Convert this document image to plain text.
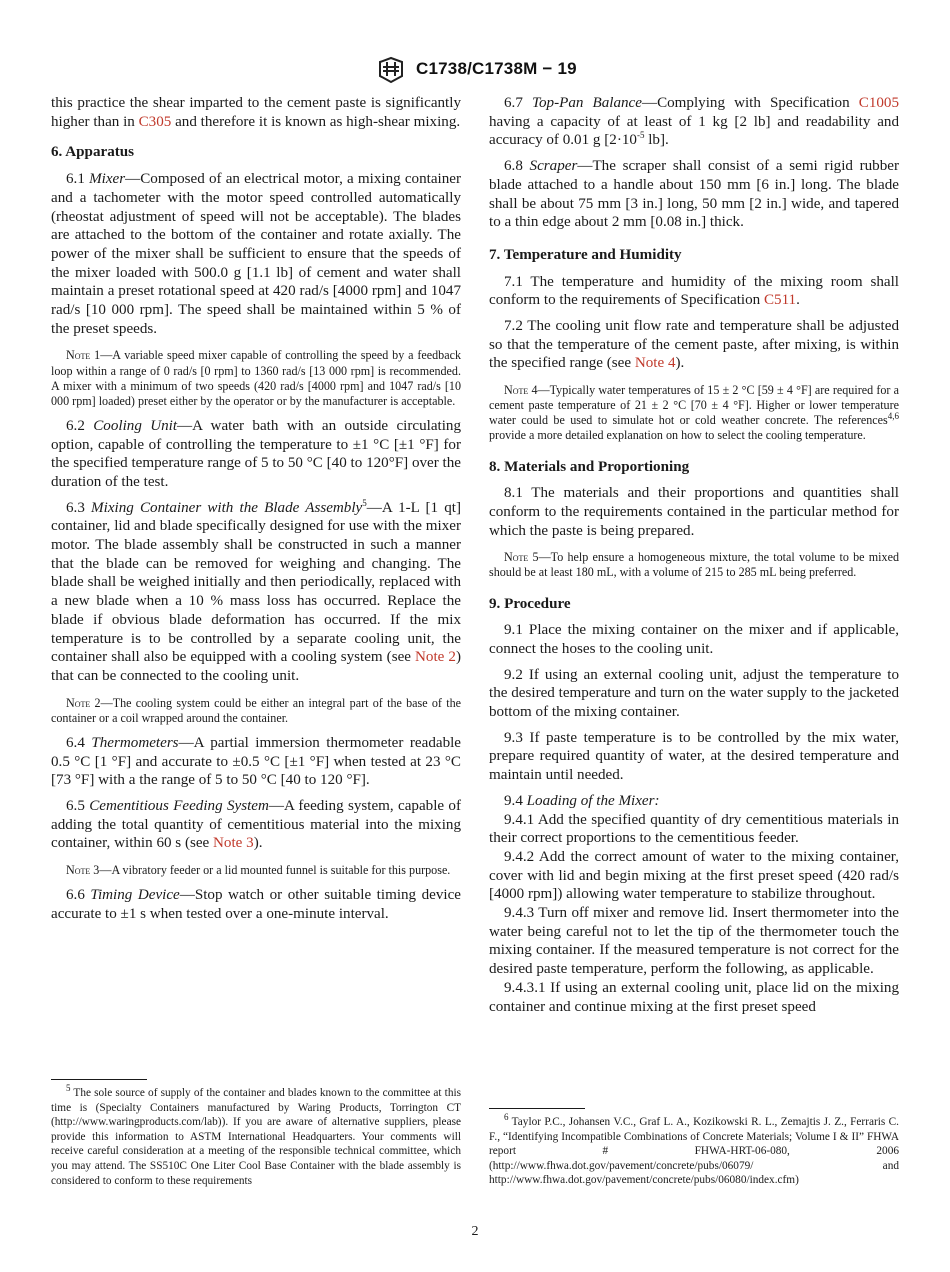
C1738/C1738M − 19

this practice the shear imparted to the cement paste is significantly higher than in C305 and therefore it is known as high-shear mixing.

6. Apparatus

6.1 Mixer—Composed of an electrical motor, a mixing container and a tachometer with the motor speed controlled automatically (rheostat adjustment of speed will not be acceptable). The blades are attached to the bottom of the container and rotate axially. The power of the mixer shall be sufficient to ensure that the speeds of the mixer loaded with 500.0 g [1.1 lb] of cement and water shall maintain a preset rotational speed at 420 rad/s [4000 rpm] and 1047 rad/s [10 000 rpm]. The speed shall be maintained within 5 % of the preset speeds.

Note 1—A variable speed mixer capable of controlling the speed by a feedback loop within a range of 0 rad/s [0 rpm] to 1360 rad/s [13 000 rpm] is recommended. A mixer with a minimum of two speeds (420 rad/s [4000 rpm] and 1047 rad/s [10 000 rpm] loaded) preset either by the operator or by the manufacturer is acceptable.

6.2 Cooling Unit—A water bath with an outside circulating option, capable of controlling the temperature to ±1 °C [±1 °F] for the specified temperature range of 5 to 50 °C [40 to 120°F] over the duration of the test.

6.3 Mixing Container with the Blade Assembly$^5$—A 1-L [1 qt] container, lid and blade specifically designed for use with the mixer motor. The blade assembly shall be constructed in such a manner that the blade can be removed for weighing and changing. The blade shall be weighed initially and then periodically, replaced with a new blade when a 10 % mass loss has occurred. Replace the blade if obvious blade deformation has occurred. If the mix temperature is to be controlled by a separate cooling unit, the container shall also be equipped with a cooling system (see Note 2) that can be connected to the cooling unit.

Note 2—The cooling system could be either an integral part of the base of the container or a coil wrapped around the container.

6.4 Thermometers—A partial immersion thermometer readable 0.5 °C [1 °F] and accurate to ±0.5 °C [±1 °F] when tested at 23 °C [73 °F] with a the range of 5 to 50 °C [40 to 120 °F].

6.5 Cementitious Feeding System—A feeding system, capable of adding the total quantity of cementitious material into the mixing container, within 60 s (see Note 3).

Note 3—A vibratory feeder or a lid mounted funnel is suitable for this purpose.

6.6 Timing Device—Stop watch or other suitable timing device accurate to ±1 s when tested over a one-minute interval.

$^5$ The sole source of supply of the container and blades known to the committee at this time is (Specialty Containers manufactured by Waring Products, Torrington CT (http://www.waringproducts.com/lab)). If you are aware of alternative suppliers, please provide this information to ASTM International Headquarters. Your comments will receive careful consideration at a meeting of the responsible technical committee, which you may attend. The SS510C One Liter Cool Base Container with the blade assembly is considered to conform to these requirements

6.7 Top-Pan Balance—Complying with Specification C1005 having a capacity of at least of 1 kg [2 lb] and readability and accuracy of 0.01 g [$2\cdot 10^{-5}$ lb].

6.8 Scraper—The scraper shall consist of a semi rigid rubber blade attached to a handle about 150 mm [6 in.] long. The blade shall be about 75 mm [3 in.] long, 50 mm [2 in.] wide, and tapered to a thin edge about 2 mm [0.08 in.] thick.

7. Temperature and Humidity

7.1 The temperature and humidity of the mixing room shall conform to the requirements of Specification C511.

7.2 The cooling unit flow rate and temperature shall be adjusted so that the temperature of the cement paste, after mixing, is within the specified range (see Note 4).

Note 4—Typically water temperatures of 15 ± 2 °C [59 ± 4 °F] are required for a cement paste temperature of 21 ± 2 °C [70 ± 4 °F]. Higher or lower temperature water could be used to simulate hot or cold weather concrete. The references$^{4,6}$ provide a more detailed explanation on how to select the cooling temperature.

8. Materials and Proportioning

8.1 The materials and their proportions and quantities shall conform to the requirements contained in the particular method for which the paste is being prepared.

Note 5—To help ensure a homogeneous mixture, the total volume to be mixed should be at least 180 mL, with a volume of 215 to 285 mL being preferred.

9. Procedure

9.1 Place the mixing container on the mixer and if applicable, connect the hoses to the cooling unit.

9.2 If using an external cooling unit, adjust the temperature to the desired temperature and turn on the water supply to the jacketed bottom of the mixing container.

9.3 If paste temperature is to be controlled by the mix water, prepare required quantity of water, at the desired temperature and maintain until needed.

9.4 Loading of the Mixer:

9.4.1 Add the specified quantity of dry cementitious materials in their correct proportions to the cementitious feeder.

9.4.2 Add the correct amount of water to the mixing container, cover with lid and begin mixing at the first preset speed (420 rad/s [4000 rpm]) allowing water temperature to stabilize throughout.

9.4.3 Turn off mixer and remove lid. Insert thermometer into the water being careful not to let the tip of the thermometer touch the mixing container. If the measured temperature is not correct for the desired paste temperature, perform the following, as applicable.

9.4.3.1 If using an external cooling unit, place lid on the mixing container and continue mixing at the first preset speed

$^6$ Taylor P.C., Johansen V.C., Graf L. A., Kozikowski R. L., Zemajtis J. Z., Ferraris C. F., “Identifying Incompatible Combinations of Concrete Materials; Volume I & II” FHWA report # FHWA-HRT-06-080, 2006 (http://www.fhwa.dot.gov/pavement/concrete/pubs/06079/ and http://www.fhwa.dot.gov/pavement/concrete/pubs/06080/index.cfm)

2
